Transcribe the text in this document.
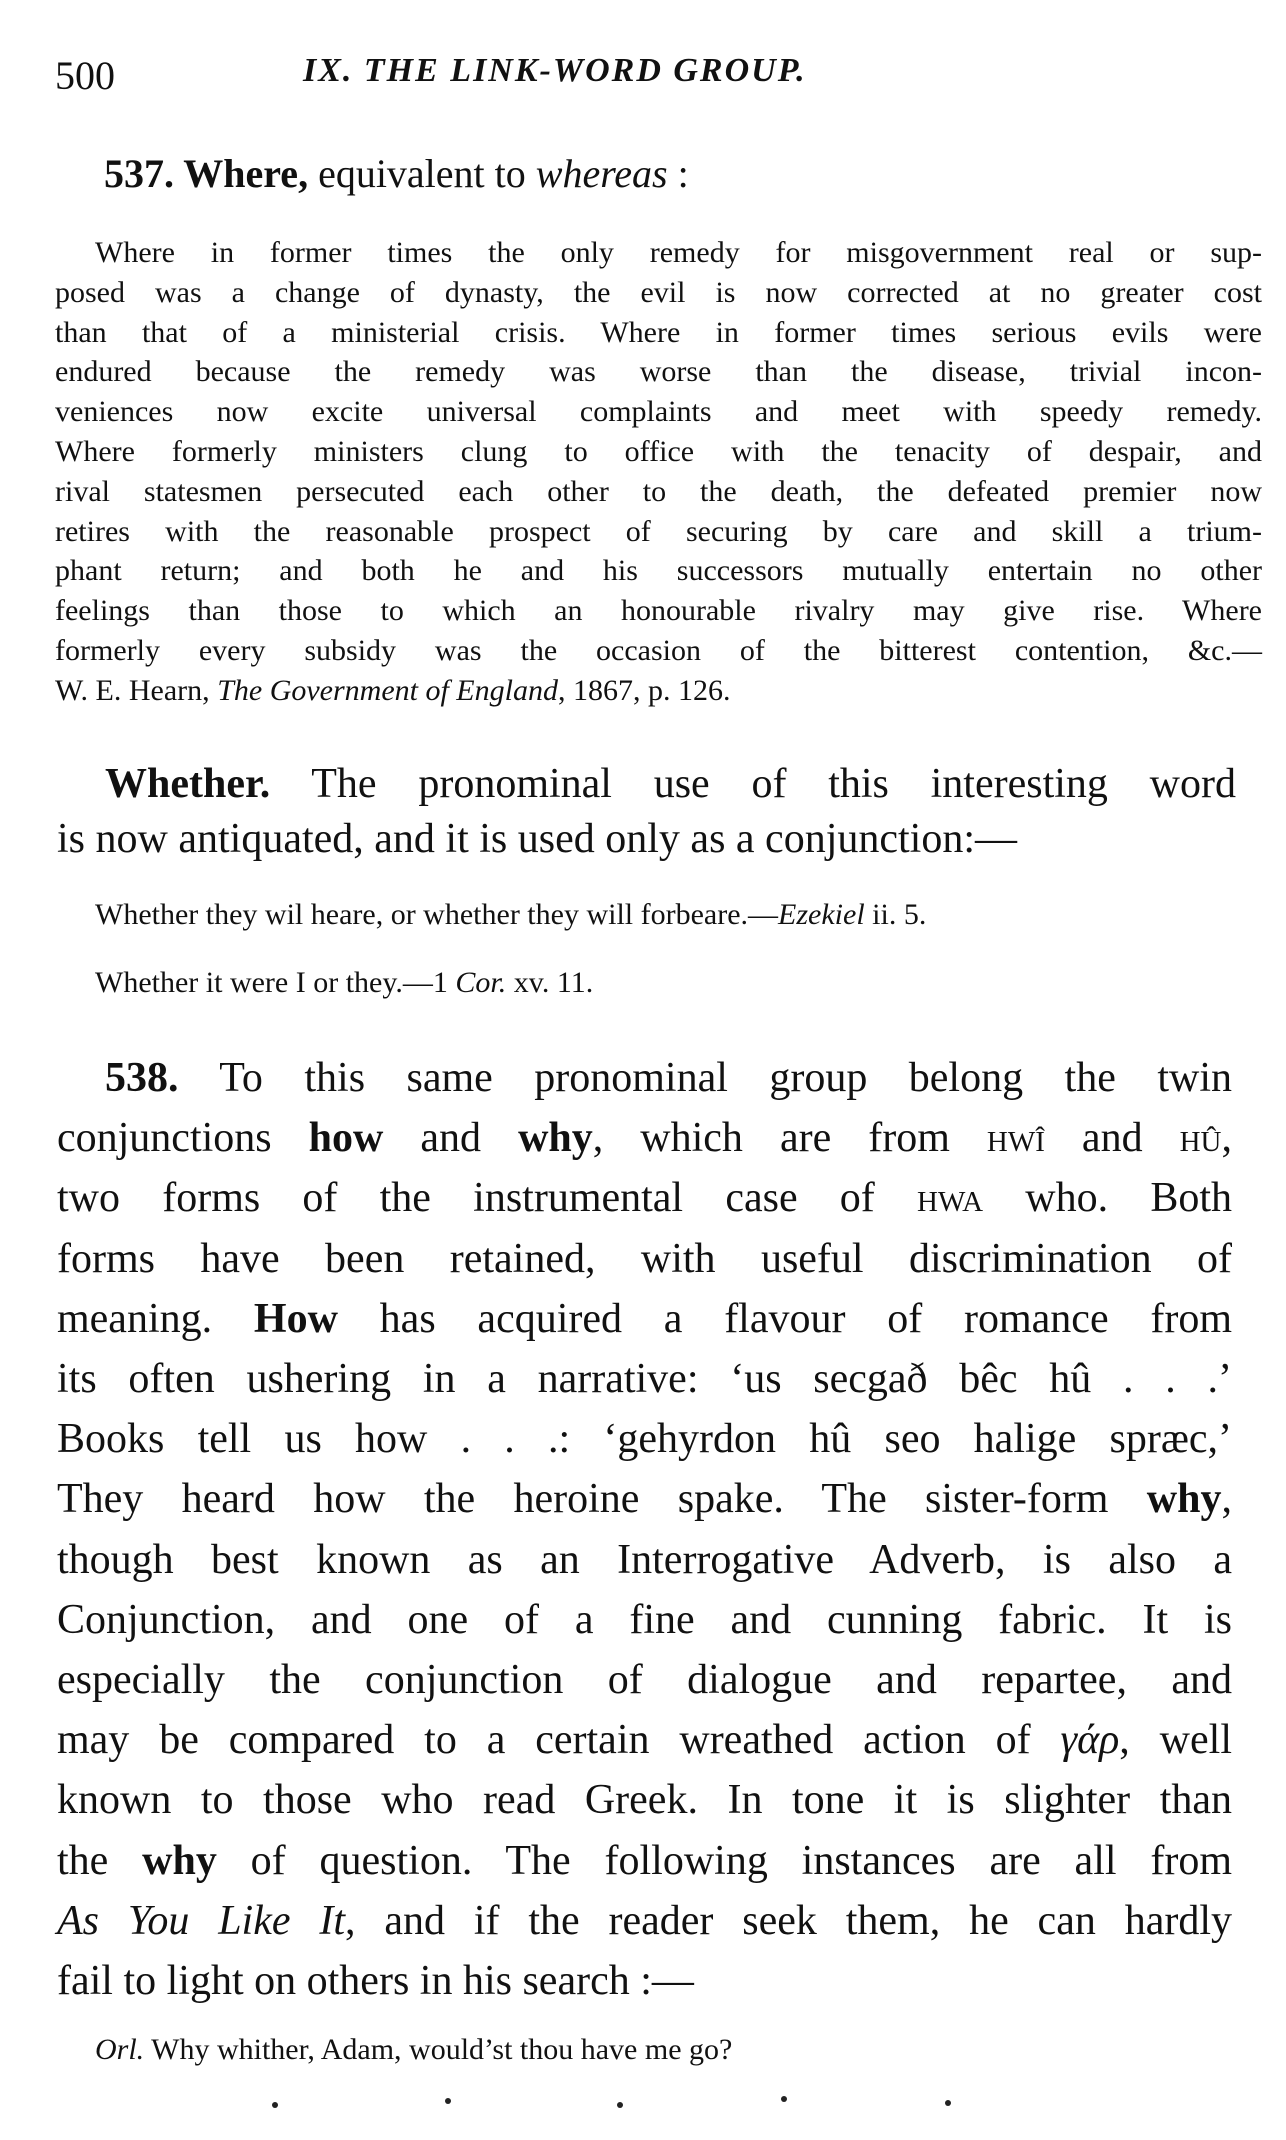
500	IX. THE LINK-WORD GROUP.
537. Where, equivalent to whereas :
Where in former times the only remedy for misgovernment real or sup-
posed was a change of dynasty, the evil is now corrected at no greater cost
than that of a ministerial crisis. Where in former times serious evils were
endured because the remedy was worse than the disease, trivial incon-
veniences now excite universal complaints and meet with speedy remedy.
Where formerly ministers clung to office with the tenacity of despair, and
rival statesmen persecuted each other to the death, the defeated premier now
retires with the reasonable prospect of securing by care and skill a trium-
phant return; and both he and his successors mutually entertain no other
feelings than those to which an honourable rivalry may give rise. Where
formerly every subsidy was the occasion of the bitterest contention, &c.—
W. E. Hearn, The Government of England, 1867, p. 126.
Whether. The pronominal use of this interesting word
is now antiquated, and it is used only as a conjunction:—
Whether they wil heare, or whether they will forbeare.—Ezekiel ii. 5.
Whether it were I or they.—1 Cor. xv. 11.
538. To this same pronominal group belong the twin
conjunctions how and why, which are from hwî and hû,
two forms of the instrumental case of hwa who. Both
forms have been retained, with useful discrimination of
meaning. How has acquired a flavour of romance from
its often ushering in a narrative: ‘us secgað bêc hû . . .’
Books tell us how . . .: ‘gehyrdon hû seo halige spræc,’
They heard how the heroine spake. The sister-form why,
though best known as an Interrogative Adverb, is also a
Conjunction, and one of a fine and cunning fabric. It is
especially the conjunction of dialogue and repartee, and
may be compared to a certain wreathed action of γάρ, well
known to those who read Greek. In tone it is slighter than
the why of question. The following instances are all from
As You Like It, and if the reader seek them, he can hardly
fail to light on others in his search :—
Orl. Why whither, Adam, would’st thou have me go?
